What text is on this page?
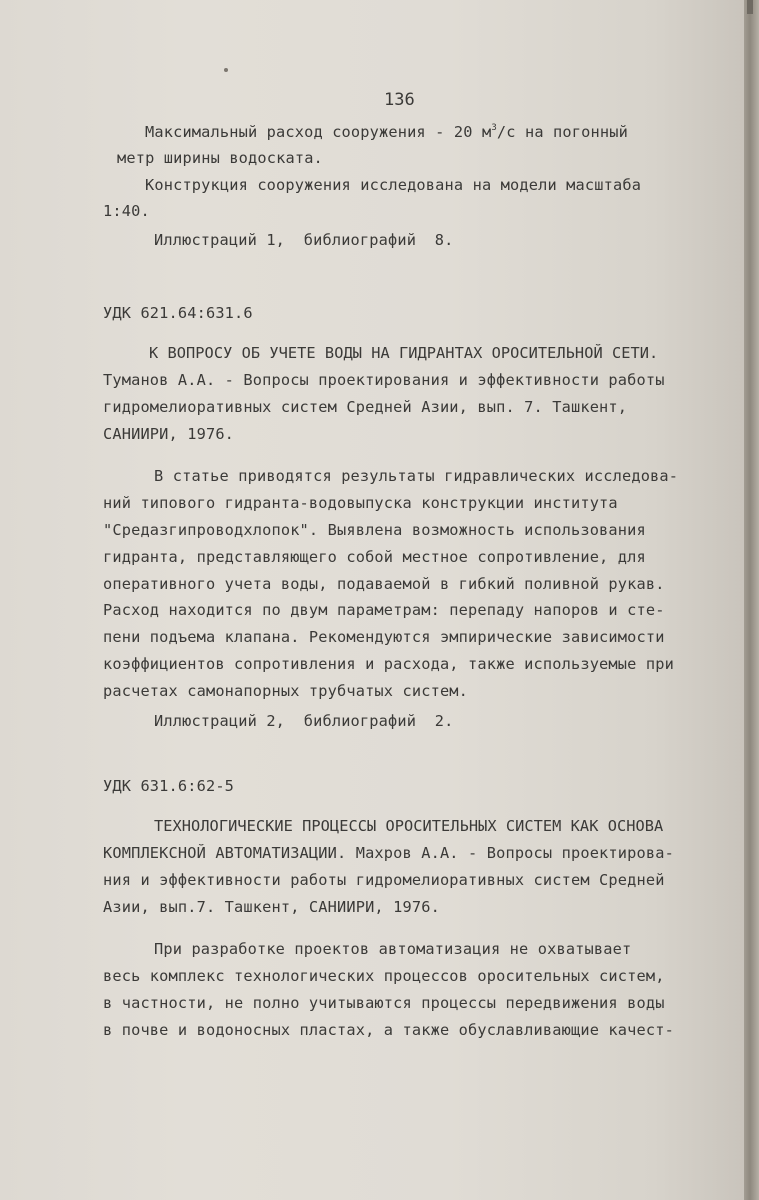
136
Максимальный расход сооружения - 20 $м^3/с$ на погонный
метр ширины водоската.
Конструкция сооружения исследована на модели масштаба
1:40.
Иллюстраций 1,  библиографий  8.
УДК 621.64:631.6
К ВОПРОСУ ОБ УЧЕТЕ ВОДЫ НА ГИДРАНТАХ ОРОСИТЕЛЬНОЙ СЕТИ.
Туманов А.А. - Вопросы проектирования и эффективности работы
гидромелиоративных систем Средней Азии, вып. 7. Ташкент,
САНИИРИ, 1976.
В статье приводятся результаты гидравлических исследова-
ний типового гидранта-водовыпуска конструкции института
"Средазгипроводхлопок". Выявлена возможность использования
гидранта, представляющего собой местное сопротивление, для
оперативного учета воды, подаваемой в гибкий поливной рукав.
Расход находится по двум параметрам: перепаду напоров и сте-
пени подъема клапана. Рекомендуются эмпирические зависимости
коэффициентов сопротивления и расхода, также используемые при
расчетах самонапорных трубчатых систем.
Иллюстраций 2,  библиографий  2.
УДК 631.6:62-5
ТЕХНОЛОГИЧЕСКИЕ ПРОЦЕССЫ ОРОСИТЕЛЬНЫХ СИСТЕМ КАК ОСНОВА
КОМПЛЕКСНОЙ АВТОМАТИЗАЦИИ. Махров А.А. - Вопросы проектирова-
ния и эффективности работы гидромелиоративных систем Средней
Азии, вып.7. Ташкент, САНИИРИ, 1976.
При разработке проектов автоматизация не охватывает
весь комплекс технологических процессов оросительных систем,
в частности, не полно учитываются процессы передвижения воды
в почве и водоносных пластах, а также обуславливающие качест-
